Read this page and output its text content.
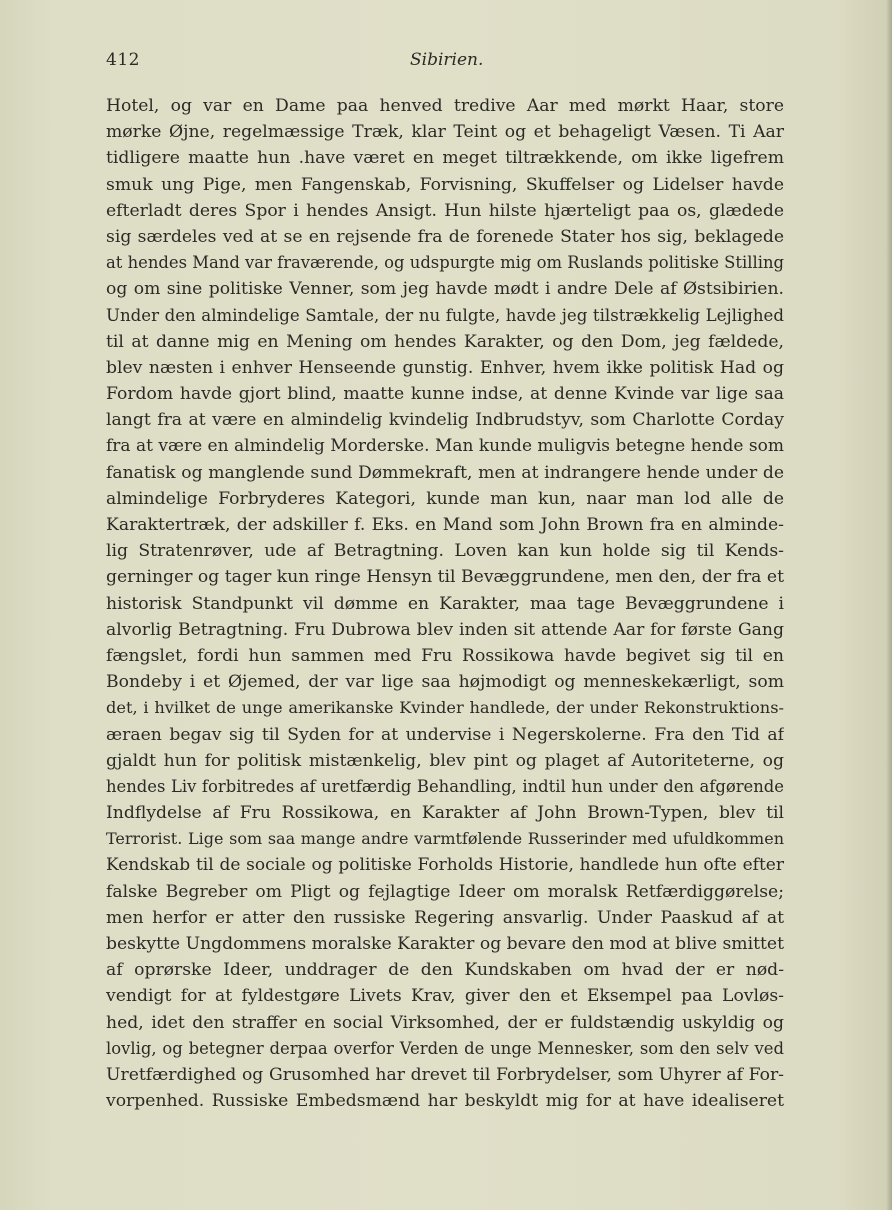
412	Sibirien.
Hotel, og var en Dame paa henved tredive Aar med mørkt Haar, store
mørke Øjne, regelmæssige Træk, klar Teint og et behageligt Væsen. Ti Aar
tidligere maatte hun .have været en meget tiltrækkende, om ikke ligefrem
smuk ung Pige, men Fangenskab, Forvisning, Skuffelser og Lidelser havde
efterladt deres Spor i hendes Ansigt. Hun hilste hjærteligt paa os, glædede
sig særdeles ved at se en rejsende fra de forenede Stater hos sig, beklagede
at hendes Mand var fraværende, og udspurgte mig om Ruslands politiske Stilling
og om sine politiske Venner, som jeg havde mødt i andre Dele af Østsibirien.
Under den almindelige Samtale, der nu fulgte, havde jeg tilstrækkelig Lejlighed
til at danne mig en Mening om hendes Karakter, og den Dom, jeg fældede,
blev næsten i enhver Henseende gunstig. Enhver, hvem ikke politisk Had og
Fordom havde gjort blind, maatte kunne indse, at denne Kvinde var lige saa
langt fra at være en almindelig kvindelig Indbrudstyv, som Charlotte Corday
fra at være en almindelig Morderske. Man kunde muligvis betegne hende som
fanatisk og manglende sund Dømmekraft, men at indrangere hende under de
almindelige Forbryderes Kategori, kunde man kun, naar man lod alle de
Karaktertræk, der adskiller f. Eks. en Mand som John Brown fra en alminde-
lig Stratenrøver, ude af Betragtning. Loven kan kun holde sig til Kends-
gerninger og tager kun ringe Hensyn til Bevæggrundene, men den, der fra et
historisk Standpunkt vil dømme en Karakter, maa tage Bevæggrundene i
alvorlig Betragtning. Fru Dubrowa blev inden sit attende Aar for første Gang
fængslet, fordi hun sammen med Fru Rossikowa havde begivet sig til en
Bondeby i et Øjemed, der var lige saa højmodigt og menneskekærligt, som
det, i hvilket de unge amerikanske Kvinder handlede, der under Rekonstruktions-
æraen begav sig til Syden for at undervise i Negerskolerne. Fra den Tid af
gjaldt hun for politisk mistænkelig, blev pint og plaget af Autoriteterne, og
hendes Liv forbitredes af uretfærdig Behandling, indtil hun under den afgørende
Indflydelse af Fru Rossikowa, en Karakter af John Brown-Typen, blev til
Terrorist. Lige som saa mange andre varmtfølende Russerinder med ufuldkommen
Kendskab til de sociale og politiske Forholds Historie, handlede hun ofte efter
falske Begreber om Pligt og fejlagtige Ideer om moralsk Retfærdiggørelse;
men herfor er atter den russiske Regering ansvarlig. Under Paaskud af at
beskytte Ungdommens moralske Karakter og bevare den mod at blive smittet
af oprørske Ideer, unddrager de den Kundskaben om hvad der er nød-
vendigt for at fyldestgøre Livets Krav, giver den et Eksempel paa Lovløs-
hed, idet den straffer en social Virksomhed, der er fuldstændig uskyldig og
lovlig, og betegner derpaa overfor Verden de unge Mennesker, som den selv ved
Uretfærdighed og Grusomhed har drevet til Forbrydelser, som Uhyrer af For-
vorpenhed. Russiske Embedsmænd har beskyldt mig for at have idealiseret
